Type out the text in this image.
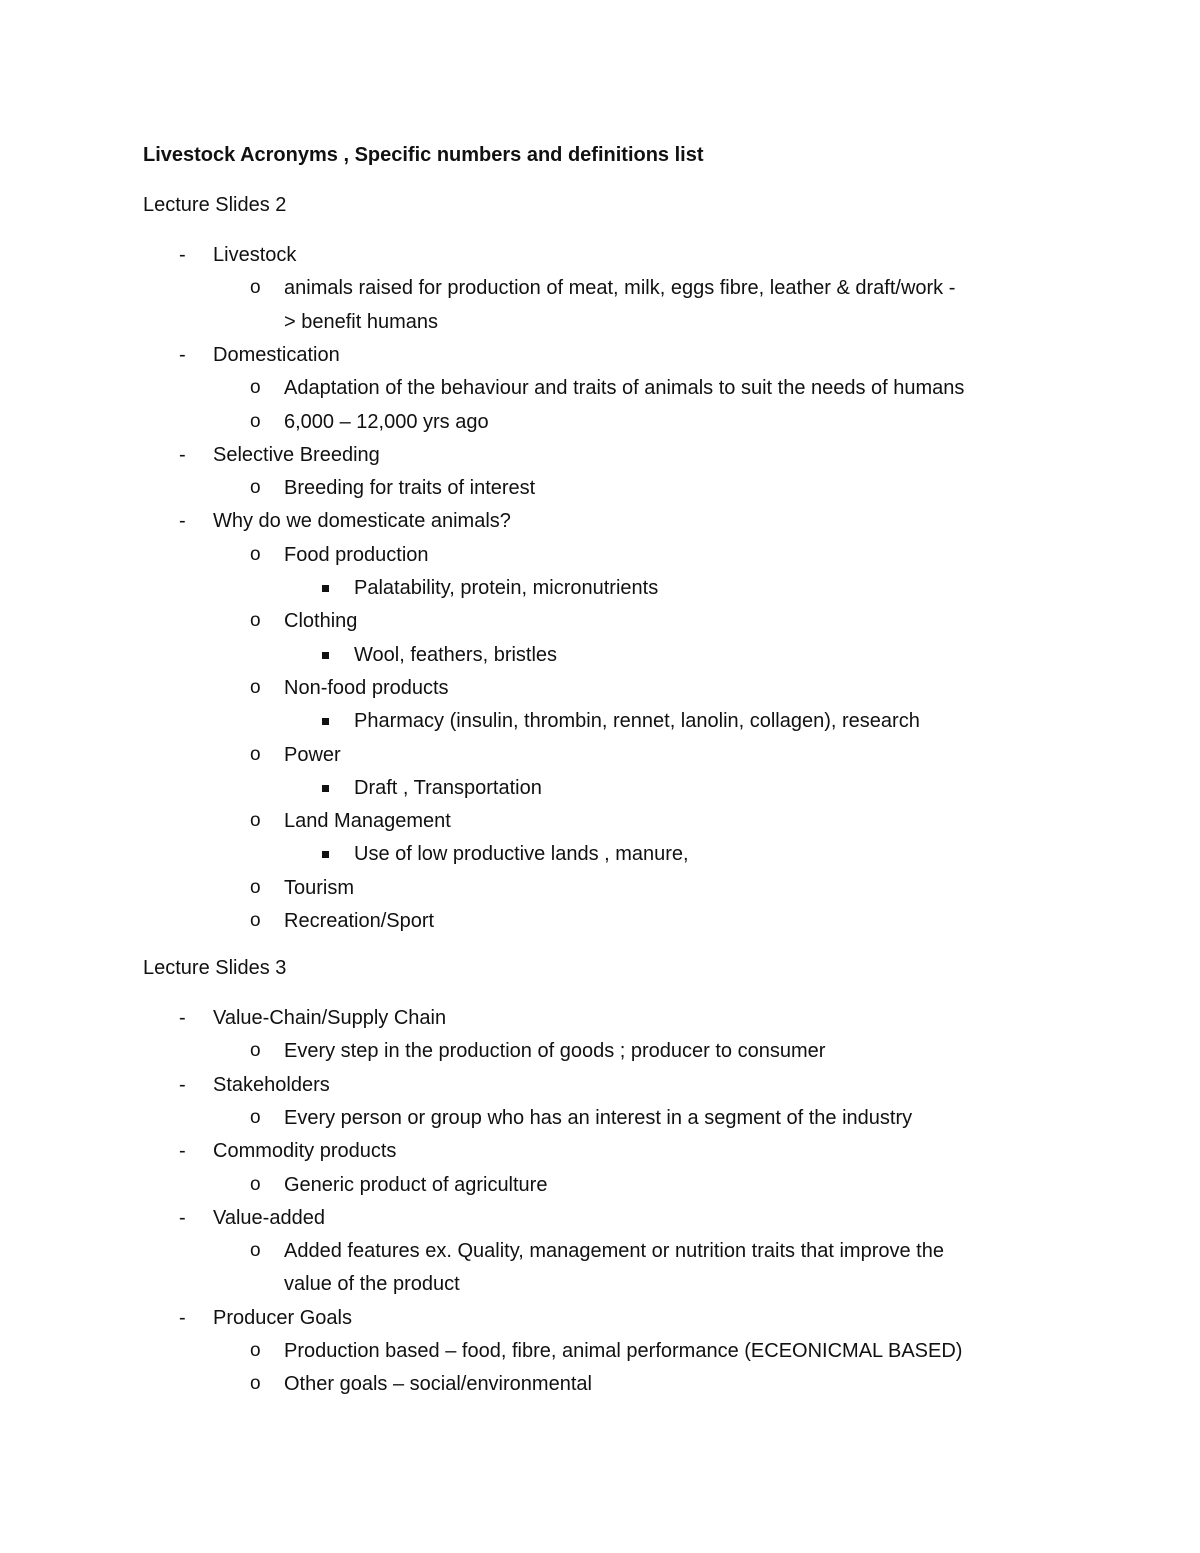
Livestock Acronyms , Specific numbers and definitions list
Lecture Slides 2
- Livestock
o animals raised for production of meat, milk, eggs fibre, leather & draft/work -
> benefit humans
- Domestication
o Adaptation of the behaviour and traits of animals to suit the needs of humans
o 6,000 – 12,000 yrs ago
- Selective Breeding
o Breeding for traits of interest
- Why do we domesticate animals?
o Food production
Palatability, protein, micronutrients
o Clothing
Wool, feathers, bristles
o Non-food products
Pharmacy (insulin, thrombin, rennet, lanolin, collagen), research
o Power
Draft , Transportation
o Land Management
Use of low productive lands , manure,
o Tourism
o Recreation/Sport
Lecture Slides 3
- Value-Chain/Supply Chain
o Every step in the production of goods ; producer to consumer
- Stakeholders
o Every person or group who has an interest in a segment of the industry
- Commodity products
o Generic product of agriculture
- Value-added
o Added features ex. Quality, management or nutrition traits that improve the
value of the product
- Producer Goals
o Production based – food, fibre, animal performance (ECEONICMAL BASED)
o Other goals – social/environmental
